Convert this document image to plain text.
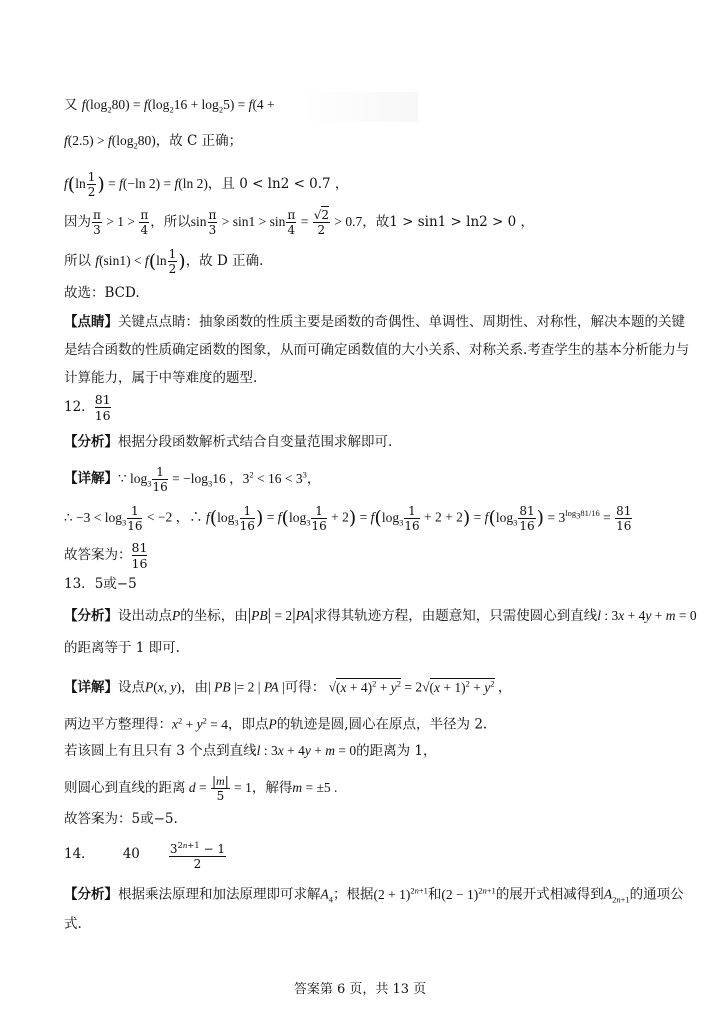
又 $f(\log_280) = f(\log_216 + \log_25) = f(4$ +
$f(2.5) > f(\log_280)$，故 C 正确；
$f(\ln \frac{1}{2}$ ) = f(−ln 2) = f(ln 2)，且 0 < ln2 < 0.7 ，
因为 $\frac{\pi}{3} > 1 > \frac{\pi}{4}$ ，所以$\sin \frac{\pi}{3} > \sin 1 > \sin \frac{\pi}{4} = \frac{√2}{2} > 0.7$，故1 > sin1 > ln2 > 0 ，
所以 $f(\sin 1) < f(\ln \frac{1}{2}$ )，故 D 正确.
故选：BCD.
【点睛】关键点点睛：抽象函数的性质主要是函数的奇偶性、单调性、周期性、对称性，解决本题的关键
是结合函数的性质确定函数的图象，从而可确定函数值的大小关系、对称关系.考查学生的基本分析能力与
计算能力，属于中等难度的题型.
12． $\frac{81}{16}$
【分析】根据分段函数解析式结合自变量范围求解即可.
【详解】∵ $\log_3 \frac{1}{16} = -\log_316$ ，$3^2 < 16 < 3^3$，
∴ $-3 < \log_3 \frac{1}{16} < -2$ ，∴ $f(\log_3 \frac{1}{16}$ ) = $f(\log_3 \frac{1}{16} + 2) = f(\log_3 \frac{1}{16} + 2 + 2) = f(\log_3 \frac{81}{16}$ ) = $3^{log_381/16} = \frac{81}{16}$
故答案为： $\frac{81}{16}$
13．5或−5
【分析】设出动点P的坐标，由|PB| = 2|PA|求得其轨迹方程，由题意知，只需使圆心到直线l : 3x + 4y + m = 0
的距离等于 1 即可.
【详解】设点P(x, y)，由| PB |= 2 | PA |可得： $√(x + 4)^2 + y^2 = 2√(x + 1)^2 + y^2$ ，
两边平方整理得：$x^2 + y^2 = 4$，即点P的轨迹是圆,圆心在原点，半径为 2.
若该圆上有且只有 3 个点到直线l : 3x + 4y + m = 0的距离为 1，
则圆心到直线的距离 $d = \frac{|m|}{5} = 1$，解得m = ±5 .
故答案为：5或−5.
14． $40 \frac{3^{2n+1} - 1}{2}$
【分析】根据乘法原理和加法原理即可求解$A_4$；根据$(2 + 1)^{2n+1}$和$(2 - 1)^{2n+1}$的展开式相减得到$A_{2n+1}$的通项公
式.
答案第 6 页，共 13 页
